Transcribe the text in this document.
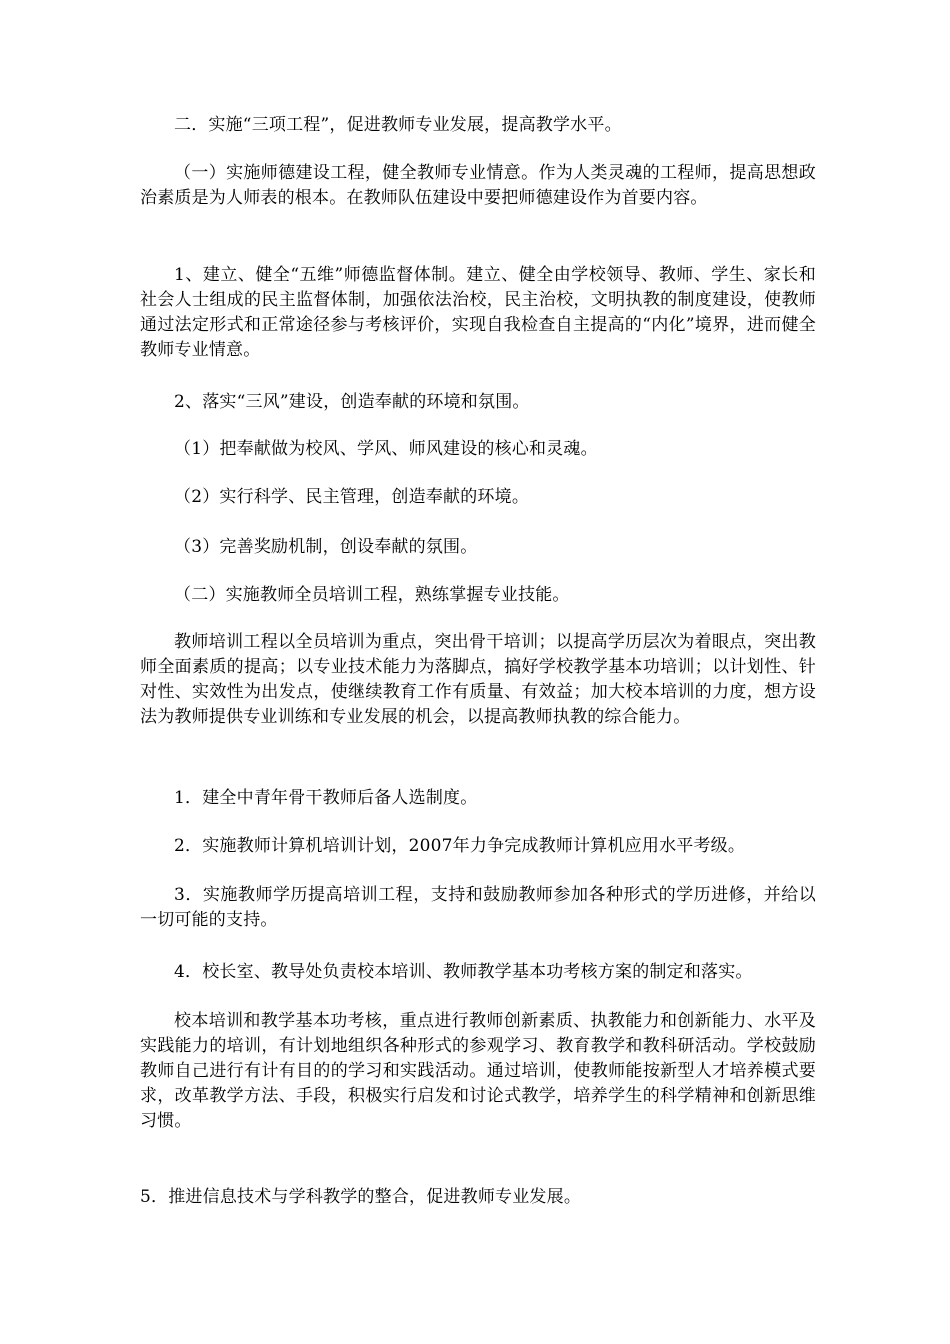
二．实施“三项工程”，促进教师专业发展，提高教学水平。

（一）实施师德建设工程，健全教师专业情意。作为人类灵魂的工程师，提高思想政治素质是为人师表的根本。在教师队伍建设中要把师德建设作为首要内容。

1、建立、健全“五维”师德监督体制。建立、健全由学校领导、教师、学生、家长和社会人士组成的民主监督体制，加强依法治校，民主治校，文明执教的制度建设，使教师通过法定形式和正常途径参与考核评价，实现自我检查自主提高的“内化”境界，进而健全教师专业情意。

2、落实“三风”建设，创造奉献的环境和氛围。

（1）把奉献做为校风、学风、师风建设的核心和灵魂。

（2）实行科学、民主管理，创造奉献的环境。

（3）完善奖励机制，创设奉献的氛围。

（二）实施教师全员培训工程，熟练掌握专业技能。

教师培训工程以全员培训为重点，突出骨干培训；以提高学历层次为着眼点，突出教师全面素质的提高；以专业技术能力为落脚点，搞好学校教学基本功培训；以计划性、针对性、实效性为出发点，使继续教育工作有质量、有效益；加大校本培训的力度，想方设法为教师提供专业训练和专业发展的机会，以提高教师执教的综合能力。

1．建全中青年骨干教师后备人选制度。

2．实施教师计算机培训计划，2007年力争完成教师计算机应用水平考级。

3．实施教师学历提高培训工程，支持和鼓励教师参加各种形式的学历进修，并给以一切可能的支持。

4．校长室、教导处负责校本培训、教师教学基本功考核方案的制定和落实。

校本培训和教学基本功考核，重点进行教师创新素质、执教能力和创新能力、水平及实践能力的培训，有计划地组织各种形式的参观学习、教育教学和教科研活动。学校鼓励教师自己进行有计有目的的学习和实践活动。通过培训，使教师能按新型人才培养模式要求，改革教学方法、手段，积极实行启发和讨论式教学，培养学生的科学精神和创新思维习惯。

5．推进信息技术与学科教学的整合，促进教师专业发展。
